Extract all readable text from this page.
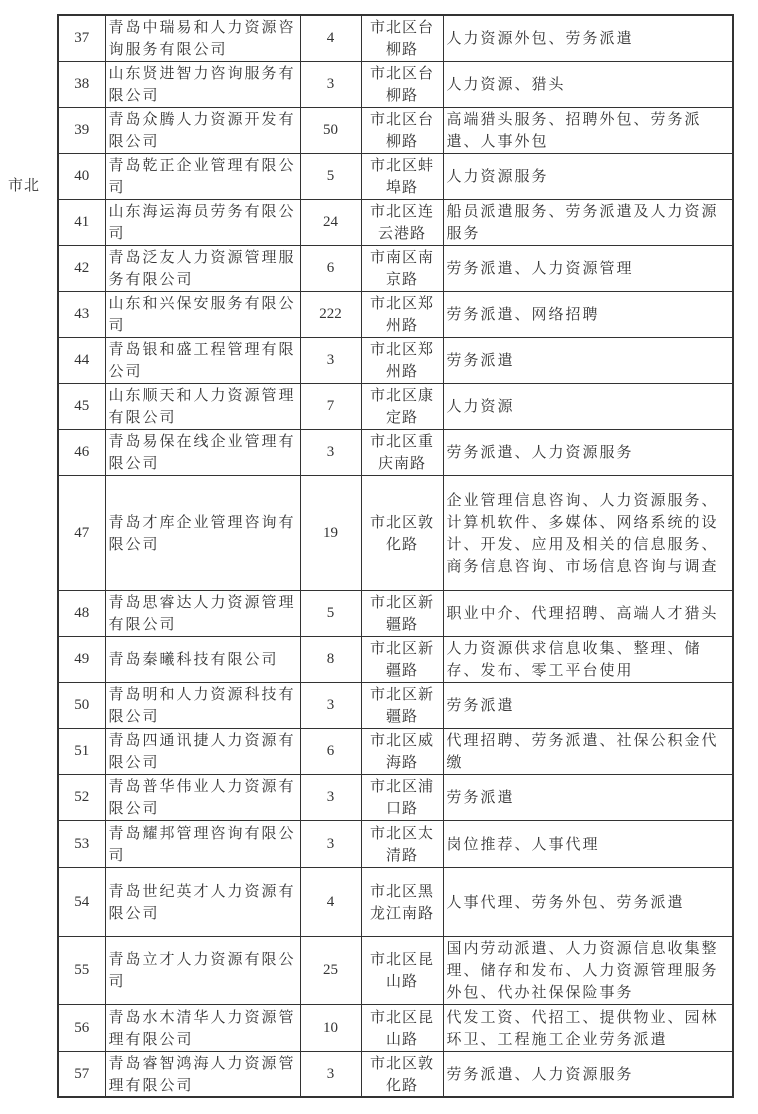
市北
37	青岛中瑞易和人力资源咨询服务有限公司	4	市北区台柳路	人力资源外包、劳务派遣
38	山东贤进智力咨询服务有限公司	3	市北区台柳路	人力资源、猎头
39	青岛众腾人力资源开发有限公司	50	市北区台柳路	高端猎头服务、招聘外包、劳务派遣、人事外包
40	青岛乾正企业管理有限公司	5	市北区蚌埠路	人力资源服务
41	山东海运海员劳务有限公司	24	市北区连云港路	船员派遣服务、劳务派遣及人力资源服务
42	青岛泛友人力资源管理服务有限公司	6	市南区南京路	劳务派遣、人力资源管理
43	山东和兴保安服务有限公司	222	市北区郑州路	劳务派遣、网络招聘
44	青岛银和盛工程管理有限公司	3	市北区郑州路	劳务派遣
45	山东顺天和人力资源管理有限公司	7	市北区康定路	人力资源
46	青岛易保在线企业管理有限公司	3	市北区重庆南路	劳务派遣、人力资源服务
47	青岛才库企业管理咨询有限公司	19	市北区敦化路	企业管理信息咨询、人力资源服务、计算机软件、多媒体、网络系统的设计、开发、应用及相关的信息服务、商务信息咨询、市场信息咨询与调查
48	青岛思睿达人力资源管理有限公司	5	市北区新疆路	职业中介、代理招聘、高端人才猎头
49	青岛秦曦科技有限公司	8	市北区新疆路	人力资源供求信息收集、整理、储存、发布、零工平台使用
50	青岛明和人力资源科技有限公司	3	市北区新疆路	劳务派遣
51	青岛四通讯捷人力资源有限公司	6	市北区威海路	代理招聘、劳务派遣、社保公积金代缴
52	青岛普华伟业人力资源有限公司	3	市北区浦口路	劳务派遣
53	青岛耀邦管理咨询有限公司	3	市北区太清路	岗位推荐、人事代理
54	青岛世纪英才人力资源有限公司	4	市北区黑龙江南路	人事代理、劳务外包、劳务派遣
55	青岛立才人力资源有限公司	25	市北区昆山路	国内劳动派遣、人力资源信息收集整理、储存和发布、人力资源管理服务外包、代办社保保险事务
56	青岛水木清华人力资源管理有限公司	10	市北区昆山路	代发工资、代招工、提供物业、园林环卫、工程施工企业劳务派遣
57	青岛睿智鸿海人力资源管理有限公司	3	市北区敦化路	劳务派遣、人力资源服务
